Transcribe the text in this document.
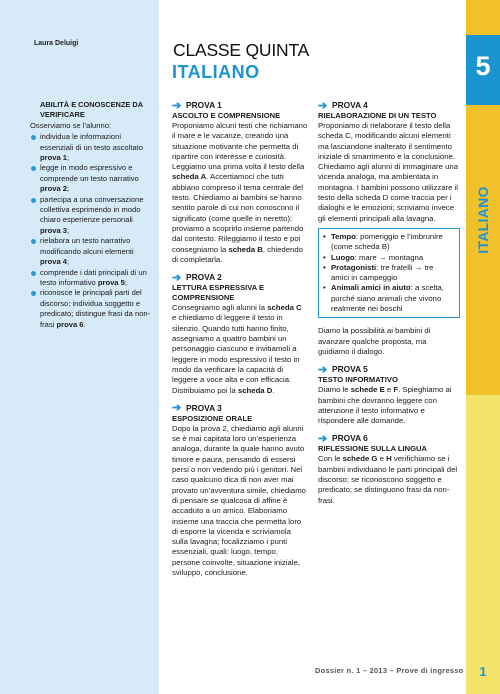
Laura Deluigi
ABILITÀ E CONOSCENZE DA VERIFICARE
Osserviamo se l’alunno:
individua le informazioni essenziali di un testo ascoltato prova 1;
legge in modo espressivo e comprende un testo narrativo prova 2;
partecipa a una conversazione collettiva esprimendo in modo chiaro esperienze personali prova 3;
rielabora un testo narrativo modificando alcuni elementi prova 4;
comprende i dati principali di un testo informativo prova 5;
riconosce le principali parti del discorso; individua soggetto e predicato; distingue frasi da non-frasi prova 6.
CLASSE QUINTA
ITALIANO	5
ITALIANO
➔ PROVA 1
ASCOLTO E COMPRENSIONE
Proponiamo alcuni testi che richiamano il mare e le vacanze, creando una situazione motivante che permetta di ripartire con interesse e curiosità. Leggiamo una prima volta il testo della scheda A. Accertiamoci che tutti abbiano compreso il tema centrale del testo. Chiediamo ai bambini se hanno sentito parole di cui non conoscono il significato (come quelle in neretto): proviamo a scoprirlo insieme partendo dal contesto. Rileggiamo il testo e poi consegniamo la scheda B, chiedendo di completarla.
➔ PROVA 2
LETTURA ESPRESSIVA E COMPRENSIONE
Consegniamo agli alunni la scheda C e chiediamo di leggere il testo in silenzio. Quando tutti hanno finito, assegniamo a quattro bambini un personaggio ciascuno e invitiamoli a leggere in modo espressivo il testo in modo da verificare la capacità di leggere a voce alta e con efficacia. Distribuiamo poi la scheda D.
➔ PROVA 3
ESPOSIZIONE ORALE
Dopo la prova 2, chiediamo agli alunni se è mai capitata loro un’esperienza analoga, durante la quale hanno avuto timore e paura, pensando di essersi persi o non vedendo più i genitori. Nel caso qualcuno dica di non aver mai provato un’avventura simile, chiediamo di pensare se qualcosa di affine è accaduto a un amico. Elaboriamo insieme una traccia che permetta loro di esporre la vicenda e scriviamola sulla lavagna; focalizziamo i punti essenziali, quali: luogo, tempo, persone coinvolte, situazione iniziale, sviluppo, conclusione.
➔ PROVA 4
RIELABORAZIONE DI UN TESTO
Proponiamo di rielaborare il testo della scheda C, modificando alcuni elementi ma lasciandone inalterato il sentimento iniziale di smarrimento e la conclusione. Chiediamo agli alunni di immaginare una vicenda analoga, ma ambientata in montagna. I bambini possono utilizzare il testo della scheda D come traccia per i dialoghi e le emozioni; scriviamo invece gli elementi principali alla lavagna.
• Tempo: pomeriggio e l’imbrunire (come scheda B)
• Luogo: mare → montagna
• Protagonisti: tre fratelli → tre amici in campeggio
• Animali amici in aiuto: a scelta, purché siano animali che vivono realmente nei boschi
Diamo la possibilità ai bambini di avanzare qualche proposta, ma guidiamo il dialogo.
➔ PROVA 5
TESTO INFORMATIVO
Diamo le schede E e F. Spieghiamo ai bambini che dovranno leggere con attenzione il testo informativo e rispondere alle domande.
➔ PROVA 6
RIFLESSIONE SULLA LINGUA
Con le schede G e H verifichiamo se i bambini individuano le parti principali del discorso; se riconoscono soggetto e predicato; se distinguono frasi da non-frasi.
Dossier n. 1 – 2013 – Prove di ingresso	1
